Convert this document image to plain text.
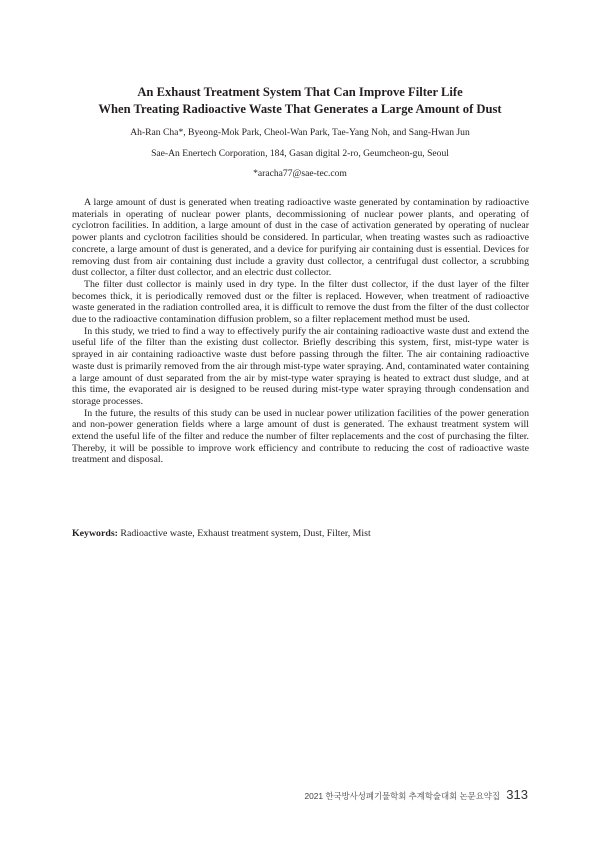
An Exhaust Treatment System That Can Improve Filter Life

When Treating Radioactive Waste That Generates a Large Amount of Dust

Ah-Ran Cha*, Byeong-Mok Park, Cheol-Wan Park, Tae-Yang Noh, and Sang-Hwan Jun
Sae-An Enertech Corporation, 184, Gasan digital 2-ro, Geumcheon-gu, Seoul
*aracha77@sae-tec.com

A large amount of dust is generated when treating radioactive waste generated by contamination by radioactive materials in operating of nuclear power plants, decommissioning of nuclear power plants, and operating of cyclotron facilities. In addition, a large amount of dust in the case of activation generated by operating of nuclear power plants and cyclotron facilities should be considered. In particular, when treating wastes such as radioactive concrete, a large amount of dust is generated, and a device for purifying air containing dust is essential. Devices for removing dust from air containing dust include a gravity dust collector, a centrifugal dust collector, a scrubbing dust collector, a filter dust collector, and an electric dust collector.

The filter dust collector is mainly used in dry type. In the filter dust collector, if the dust layer of the filter becomes thick, it is periodically removed dust or the filter is replaced. However, when treatment of radioactive waste generated in the radiation controlled area, it is difficult to remove the dust from the filter of the dust collector due to the radioactive contamination diffusion problem, so a filter replacement method must be used.

In this study, we tried to find a way to effectively purify the air containing radioactive waste dust and extend the useful life of the filter than the existing dust collector. Briefly describing this system, first, mist-type water is sprayed in air containing radioactive waste dust before passing through the filter. The air containing radioactive waste dust is primarily removed from the air through mist-type water spraying. And, contaminated water containing a large amount of dust separated from the air by mist-type water spraying is heated to extract dust sludge, and at this time, the evaporated air is designed to be reused during mist-type water spraying through condensation and storage processes.

In the future, the results of this study can be used in nuclear power utilization facilities of the power generation and non-power generation fields where a large amount of dust is generated. The exhaust treatment system will extend the useful life of the filter and reduce the number of filter replacements and the cost of purchasing the filter. Thereby, it will be possible to improve work efficiency and contribute to reducing the cost of radioactive waste treatment and disposal.

Keywords: Radioactive waste, Exhaust treatment system, Dust, Filter, Mist
2021 한국방사성폐기물학회 추계학술대회 논문요약집 313
